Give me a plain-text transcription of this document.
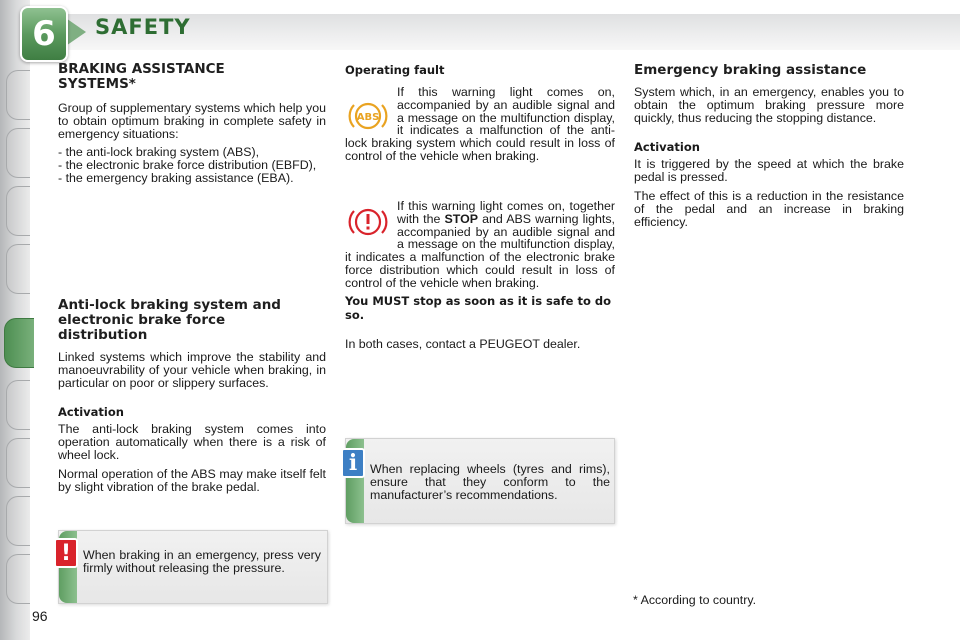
6	SAFETY
BRAKING ASSISTANCE SYSTEMS*
Group of supplementary systems which help you to obtain optimum braking in complete safety in emergency situations:
- the anti-lock braking system (ABS),
- the electronic brake force distribution (EBFD),
- the emergency braking assistance (EBA).
Anti-lock braking system and electronic brake force distribution
Linked systems which improve the stability and manoeuvrability of your vehicle when braking, in particular on poor or slippery surfaces.
Activation
The anti-lock braking system comes into operation automatically when there is a risk of wheel lock.
Normal operation of the ABS may make itself felt by slight vibration of the brake pedal.
When braking in an emergency, press very firmly without releasing the pressure.
!
Operating fault
ABS
If this warning light comes on, accompanied by an audible signal and a message on the multifunction display, it indicates a malfunction of the anti-lock braking system which could result in loss of control of the vehicle when braking.
If this warning light comes on, together with the STOP and ABS warning lights, accompanied by an audible signal and a message on the multifunction display, it indicates a malfunction of the electronic brake force distribution which could result in loss of control of the vehicle when braking.
You MUST stop as soon as it is safe to do so.
In both cases, contact a PEUGEOT dealer.
When replacing wheels (tyres and rims), ensure that they conform to the manufacturer’s recommendations.
i
Emergency braking assistance
System which, in an emergency, enables you to obtain the optimum braking pressure more quickly, thus reducing the stopping distance.
Activation
It is triggered by the speed at which the brake pedal is pressed.
The effect of this is a reduction in the resistance of the pedal and an increase in braking efficiency.
* According to country.
96
